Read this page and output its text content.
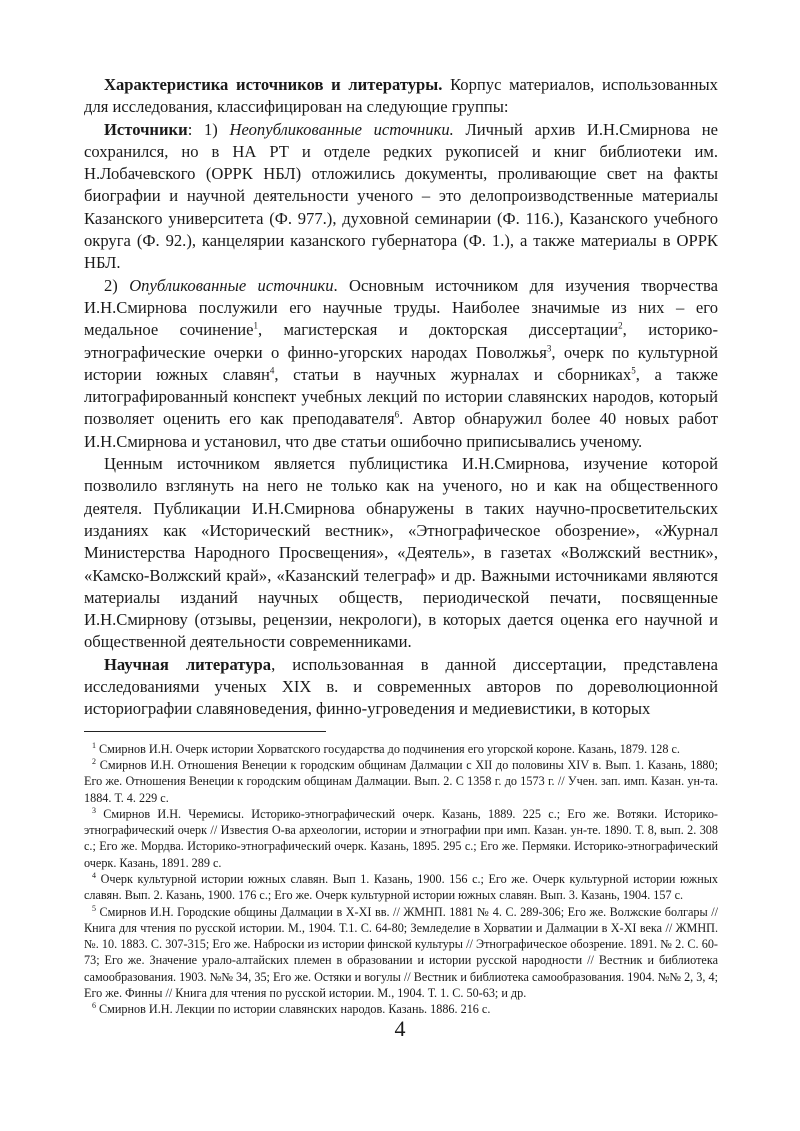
Характеристика источников и литературы. Корпус материалов, использованных для исследования, классифицирован на следующие группы:

Источники: 1) Неопубликованные источники. Личный архив И.Н.Смирнова не сохранился, но в НА РТ и отделе редких рукописей и книг библиотеки им. Н.Лобачевского (ОРРК НБЛ) отложились документы, проливающие свет на факты биографии и научной деятельности ученого – это делопроизводственные материалы Казанского университета (Ф. 977.), духовной семинарии (Ф. 116.), Казанского учебного округа (Ф. 92.), канцелярии казанского губернатора (Ф. 1.), а также материалы в ОРРК НБЛ.

2) Опубликованные источники. Основным источником для изучения творчества И.Н.Смирнова послужили его научные труды. Наиболее значимые из них – его медальное сочинение$^1$, магистерская и докторская диссертации$^2$, историко-этнографические очерки о финно-угорских народах Поволжья$^3$, очерк по культурной истории южных славян$^4$, статьи в научных журналах и сборниках$^5$, а также литографированный конспект учебных лекций по истории славянских народов, который позволяет оценить его как преподавателя$^6$. Автор обнаружил более 40 новых работ И.Н.Смирнова и установил, что две статьи ошибочно приписывались ученому.

Ценным источником является публицистика И.Н.Смирнова, изучение которой позволило взглянуть на него не только как на ученого, но и как на общественного деятеля. Публикации И.Н.Смирнова обнаружены в таких научно-просветительских изданиях как «Исторический вестник», «Этнографическое обозрение», «Журнал Министерства Народного Просвещения», «Деятель», в газетах «Волжский вестник», «Камско-Волжский край», «Казанский телеграф» и др. Важными источниками являются материалы изданий научных обществ, периодической печати, посвященные И.Н.Смирнову (отзывы, рецензии, некрологи), в которых дается оценка его научной и общественной деятельности современниками.

Научная литература, использованная в данной диссертации, представлена исследованиями ученых XIX в. и современных авторов по дореволюционной историографии славяноведения, финно-угроведения и медиевистики, в которых

$^1$ Смирнов И.Н. Очерк истории Хорватского государства до подчинения его угорской короне. Казань, 1879. 128 с.

$^2$ Смирнов И.Н. Отношения Венеции к городским общинам Далмации с XII до половины XIV в. Вып. 1. Казань, 1880; Его же. Отношения Венеции к городским общинам Далмации. Вып. 2. С 1358 г. до 1573 г. // Учен. зап. имп. Казан. ун-та. 1884. Т. 4. 229 с.

$^3$ Смирнов И.Н. Черемисы. Историко-этнографический очерк. Казань, 1889. 225 с.; Его же. Вотяки. Историко-этнографический очерк // Известия О-ва археологии, истории и этнографии при имп. Казан. ун-те. 1890. Т. 8, вып. 2. 308 с.; Его же. Мордва. Историко-этнографический очерк. Казань, 1895. 295 с.; Его же. Пермяки. Историко-этнографический очерк. Казань, 1891. 289 с.

$^4$ Очерк культурной истории южных славян. Вып 1. Казань, 1900. 156 с.; Его же. Очерк культурной истории южных славян. Вып. 2. Казань, 1900. 176 с.; Его же. Очерк культурной истории южных славян. Вып. 3. Казань, 1904. 157 с.

$^5$ Смирнов И.Н. Городские общины Далмации в X-XI вв. // ЖМНП. 1881 № 4. С. 289-306; Его же. Волжские болгары // Книга для чтения по русской истории. М., 1904. Т.1. С. 64-80; Земледелие в Хорватии и Далмации в X-XI века // ЖМНП. №. 10. 1883. С. 307-315; Его же. Наброски из истории финской культуры // Этнографическое обозрение. 1891. № 2. С. 60-73; Его же. Значение урало-алтайских племен в образовании и истории русской народности // Вестник и библиотека самообразования. 1903. №№ 34, 35; Его же. Остяки и вогулы // Вестник и библиотека самообразования. 1904. №№ 2, 3, 4; Его же. Финны // Книга для чтения по русской истории. М., 1904. Т. 1. С. 50-63; и др.

$^6$ Смирнов И.Н. Лекции по истории славянских народов. Казань. 1886. 216 с.

4
